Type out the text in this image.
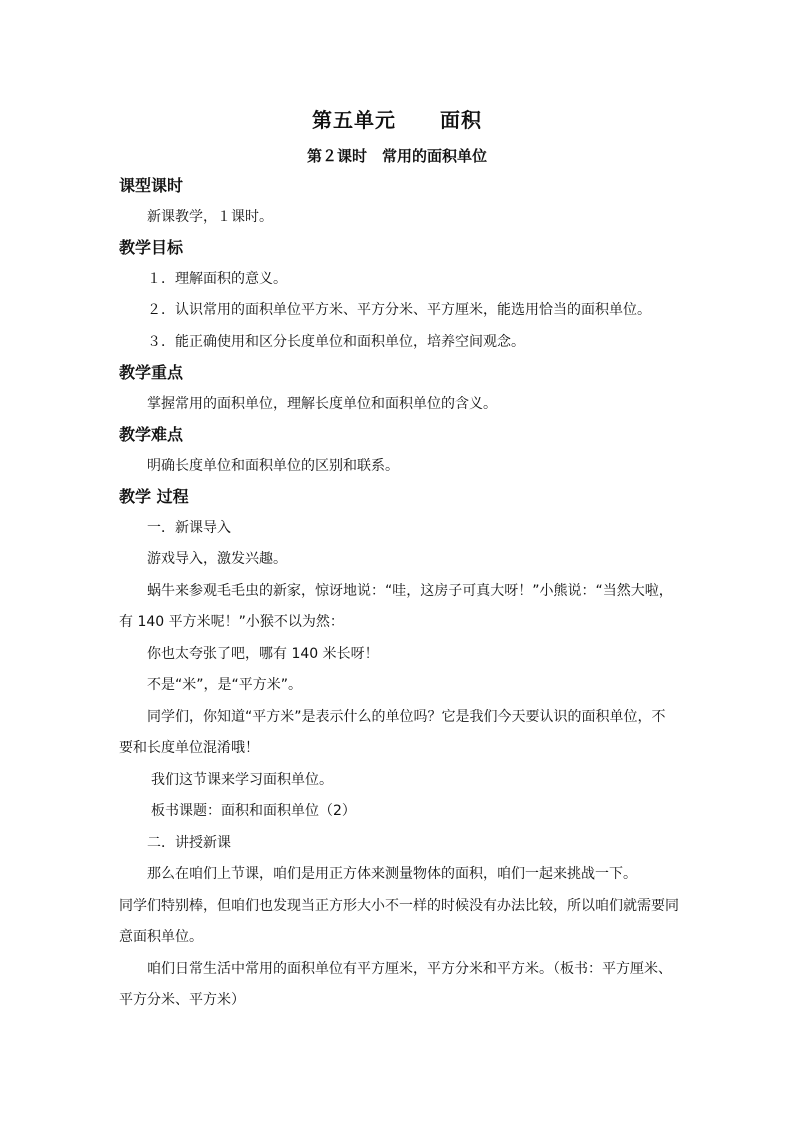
第五单元 面积
第２课时　常用的面积单位
课型课时
新课教学，１课时。
教学目标
１．理解面积的意义。
２．认识常用的面积单位平方米、平方分米、平方厘米，能选用恰当的面积单位。
３．能正确使用和区分长度单位和面积单位，培养空间观念。
教学重点
掌握常用的面积单位，理解长度单位和面积单位的含义。
教学难点
明确长度单位和面积单位的区别和联系。
教学 过程
一．新课导入
游戏导入，激发兴趣。
蜗牛来参观毛毛虫的新家，惊讶地说：“哇，这房子可真大呀！”小熊说：“当然大啦，
有 140 平方米呢！”小猴不以为然：
你也太夸张了吧，哪有 140 米长呀！
不是“米”，是“平方米”。
同学们，你知道“平方米”是表示什么的单位吗？它是我们今天要认识的面积单位，不
要和长度单位混淆哦！
我们这节课来学习面积单位。
板书课题：面积和面积单位（2）
二．讲授新课
那么在咱们上节课，咱们是用正方体来测量物体的面积，咱们一起来挑战一下。
同学们特别棒，但咱们也发现当正方形大小不一样的时候没有办法比较，所以咱们就需要同
意面积单位。
咱们日常生活中常用的面积单位有平方厘米，平方分米和平方米。（板书：平方厘米、
平方分米、平方米）
